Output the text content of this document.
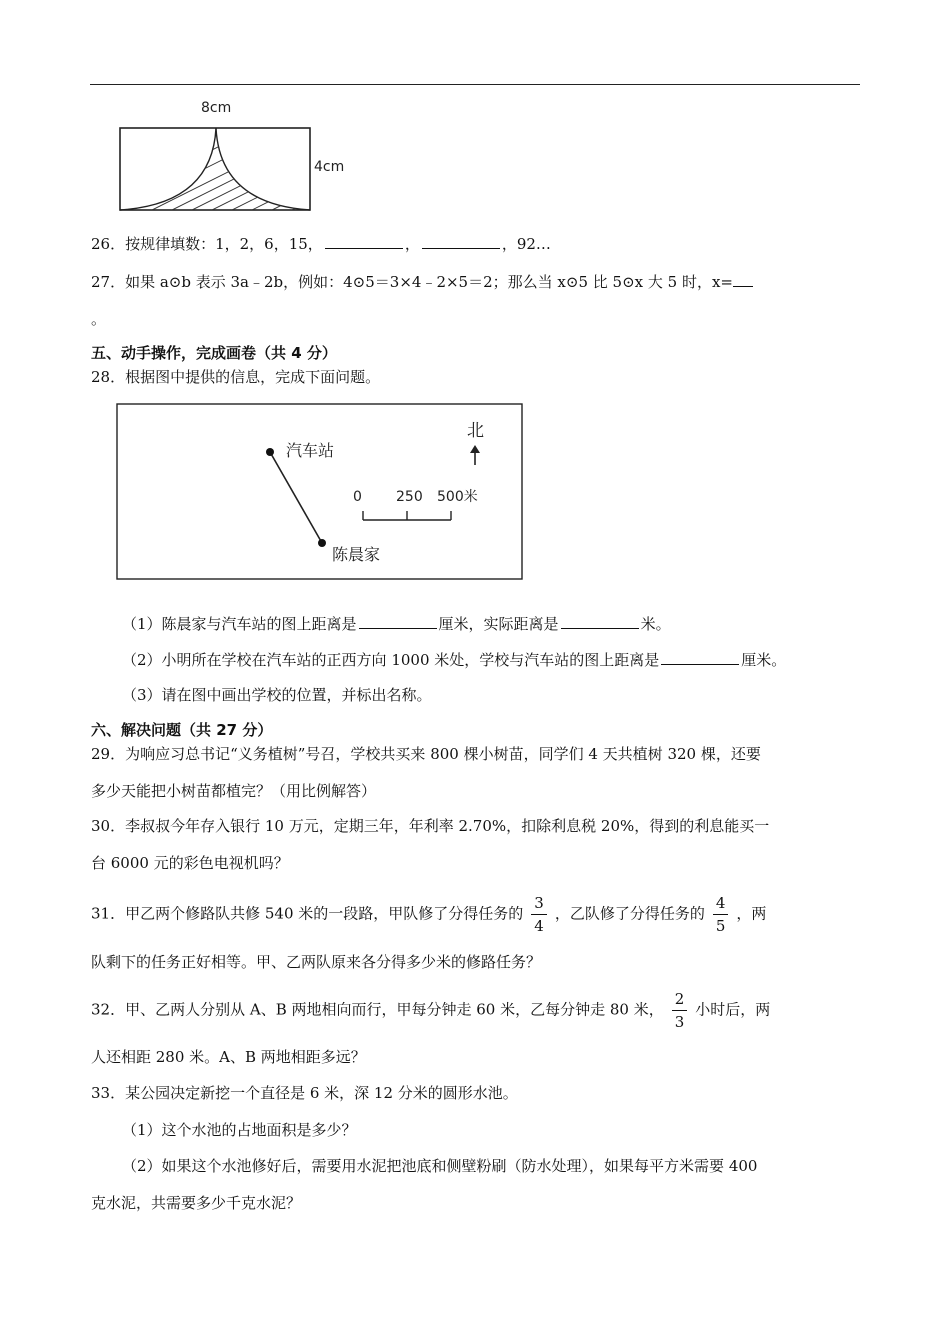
8cm
4cm
26．按规律填数：1，2，6，15，	，	，92…
27．如果 a⊙b 表示 3a﹣2b，例如：4⊙5＝3×4﹣2×5＝2；那么当 x⊙5 比 5⊙x 大 5 时，x=
。
五、动手操作，完成画卷（共 4 分）
28．根据图中提供的信息，完成下面问题。
汽车站
陈晨家
北
0 250 500米
（1）陈晨家与汽车站的图上距离是	厘米，实际距离是	米。
（2）小明所在学校在汽车站的正西方向 1000 米处，学校与汽车站的图上距离是	厘米。
（3）请在图中画出学校的位置，并标出名称。
六、解决问题（共 27 分）
29．为响应习总书记“义务植树”号召，学校共买来 800 棵小树苗，同学们 4 天共植树 320 棵，还要
多少天能把小树苗都植完？（用比例解答）
30．李叔叔今年存入银行 10 万元，定期三年，年利率 2.70%，扣除利息税 20%，得到的利息能买一
台 6000 元的彩色电视机吗？
31．甲乙两个修路队共修 540 米的一段路，甲队修了分得任务的 $\frac{3}{4}$ ，乙队修了分得任务的 $\frac{4}{5}$ ，两
队剩下的任务正好相等。甲、乙两队原来各分得多少米的修路任务？
32．甲、乙两人分别从 A、B 两地相向而行，甲每分钟走 60 米，乙每分钟走 80 米， $\frac{2}{3}$ 小时后，两
人还相距 280 米。A、B 两地相距多远？
33．某公园决定新挖一个直径是 6 米，深 12 分米的圆形水池。
（1）这个水池的占地面积是多少？
（2）如果这个水池修好后，需要用水泥把池底和侧壁粉刷（防水处理），如果每平方米需要 400
克水泥，共需要多少千克水泥？
